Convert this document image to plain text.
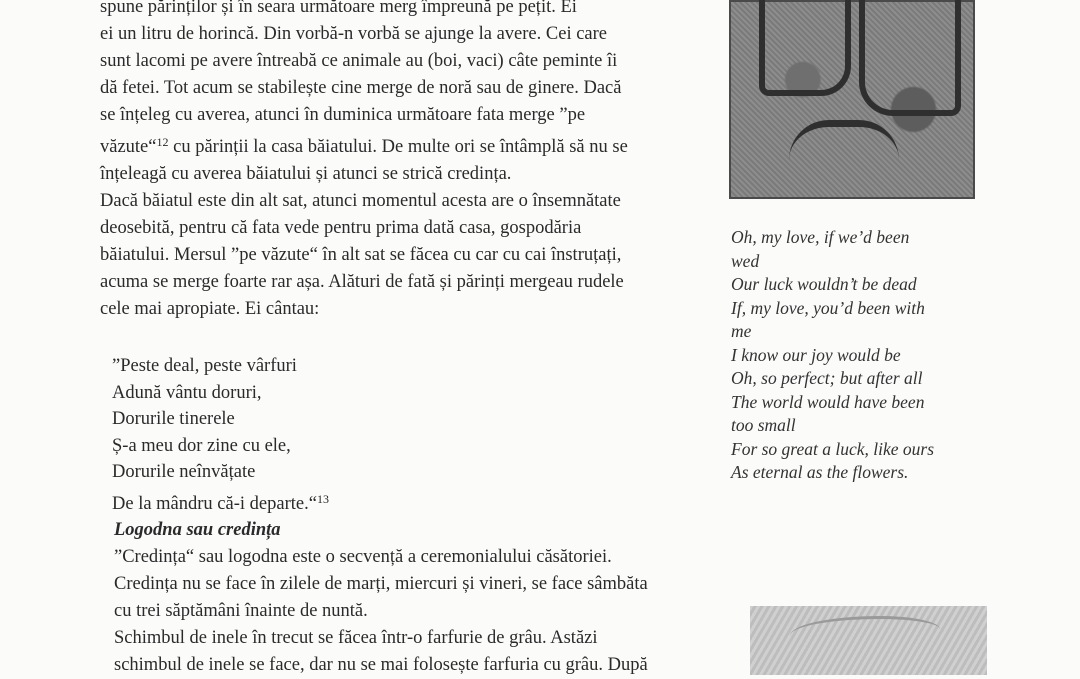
spune părinților și în seara următoare merg împreună pe pețit. Ei

ei un litru de horincă. Din vorbă-n vorbă se ajunge la avere. Cei care

sunt lacomi pe avere întreabă ce animale au (boi, vaci) câte peminte îi

dă fetei. Tot acum se stabilește cine merge de noră sau de ginere. Dacă

se înțeleg cu averea, atunci în duminica următoare fata merge ”pe

văzute“$^{12}$ cu părinții la casa băiatului. De multe ori se întâmplă să nu se

înțeleagă cu averea băiatului și atunci se strică credința.

Dacă băiatul este din alt sat, atunci momentul acesta are o însemnătate

deosebită, pentru că fata vede pentru prima dată casa, gospodăria

băiatului. Mersul ”pe văzute“ în alt sat se făcea cu car cu cai înstruțați,

acuma se merge foarte rar așa. Alături de fată și părinți mergeau rudele

cele mai apropiate. Ei cântau:

”Peste deal, peste vârfuri
Adună vântu doruri,
Dorurile tinerele
Ș-a meu dor zine cu ele,
Dorurile neînvățate
De la mândru că-i departe.“$^{13}$

Logodna sau credința

”Credința“ sau logodna este o secvență a ceremonialului căsătoriei.

Credința nu se face în zilele de marți, miercuri și vineri, se face sâmbăta

cu trei săptămâni înainte de nuntă.

Schimbul de inele în trecut se făcea într-o farfurie de grâu. Astăzi

schimbul de inele se face, dar nu se mai folosește farfuria cu grâu. După

Oh, my love, if we’d been
wed
Our luck wouldn’t be dead
If, my love, you’d been with
me
I know our joy would be
Oh, so perfect; but after all
The world would have been
too small
For so great a luck, like ours
As eternal as the flowers.
